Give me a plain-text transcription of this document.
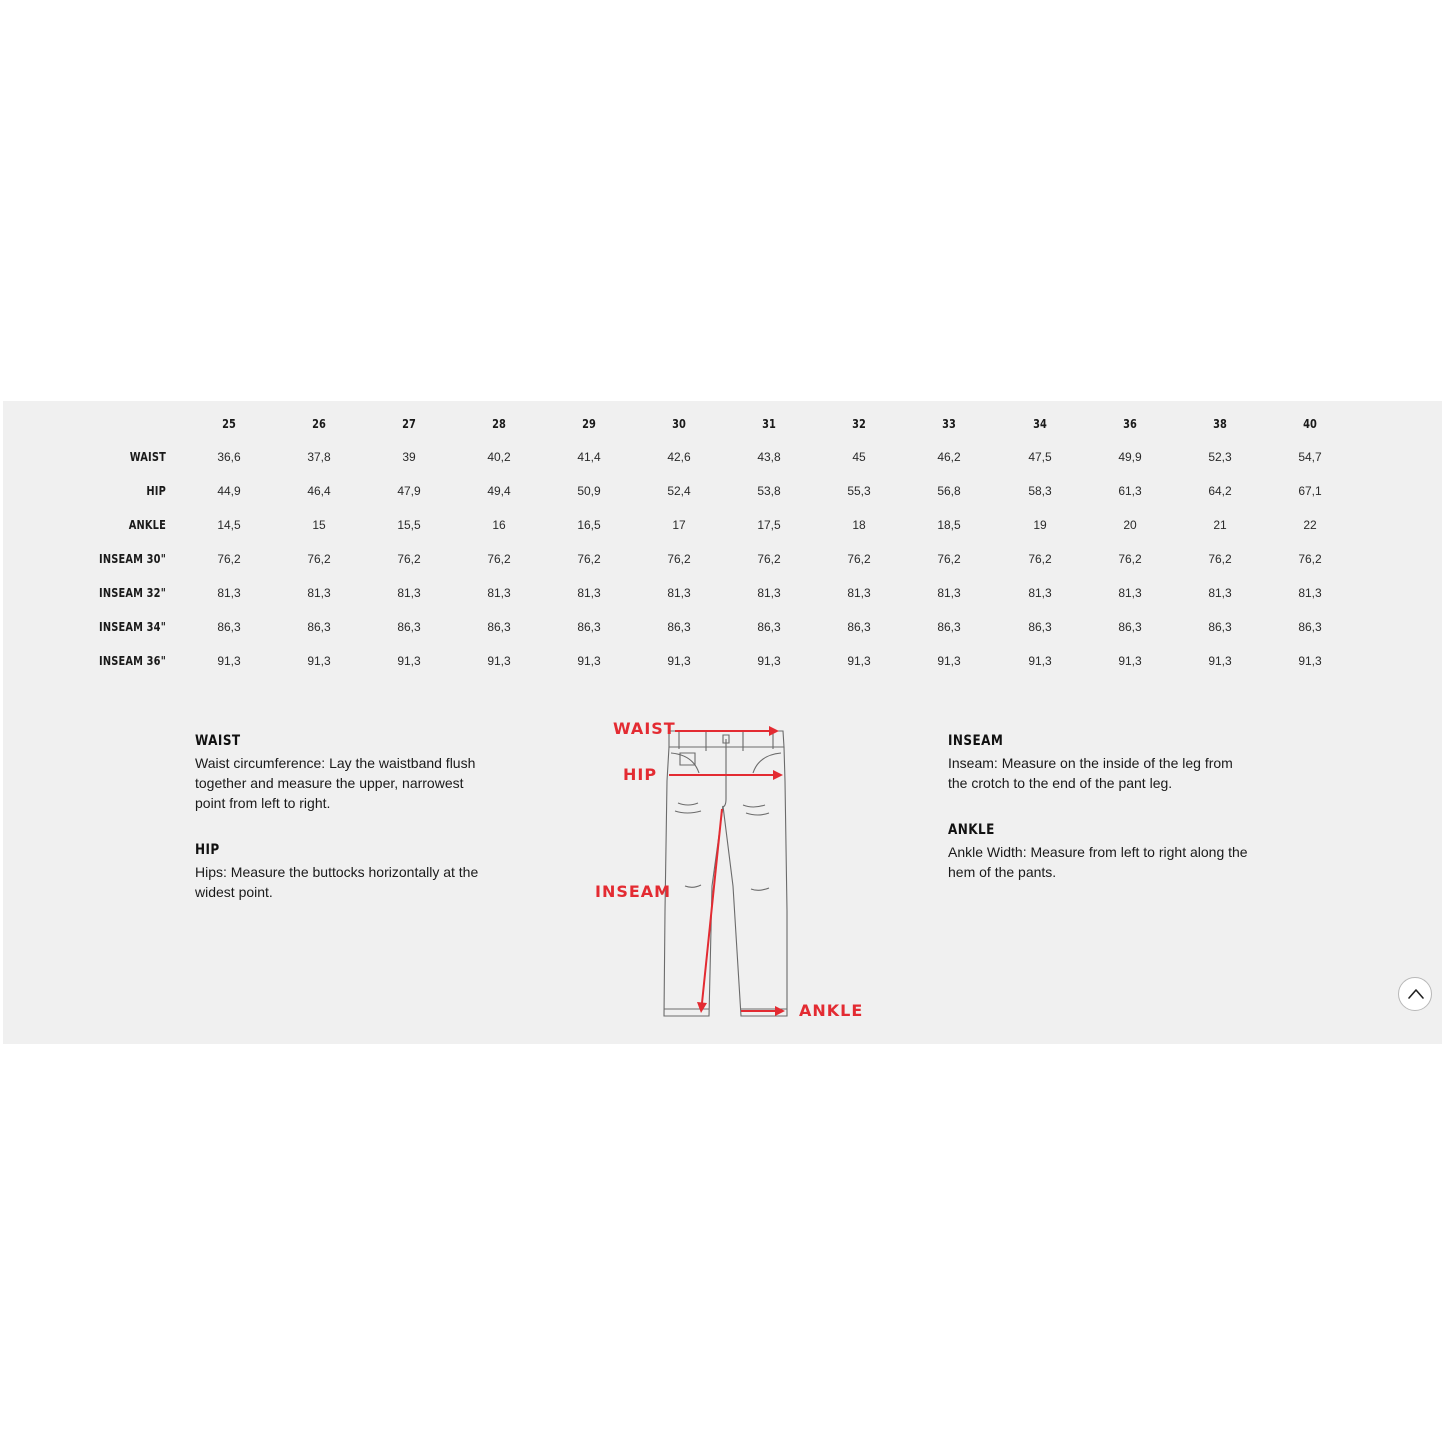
25	26	27	28	29	30	31	32	33	34	36	38	40
WAIST	36,6	37,8	39	40,2	41,4	42,6	43,8	45	46,2	47,5	49,9	52,3	54,7
HIP	44,9	46,4	47,9	49,4	50,9	52,4	53,8	55,3	56,8	58,3	61,3	64,2	67,1
ANKLE	14,5	15	15,5	16	16,5	17	17,5	18	18,5	19	20	21	22
INSEAM 30"	76,2	76,2	76,2	76,2	76,2	76,2	76,2	76,2	76,2	76,2	76,2	76,2	76,2
INSEAM 32"	81,3	81,3	81,3	81,3	81,3	81,3	81,3	81,3	81,3	81,3	81,3	81,3	81,3
INSEAM 34"	86,3	86,3	86,3	86,3	86,3	86,3	86,3	86,3	86,3	86,3	86,3	86,3	86,3
INSEAM 36"	91,3	91,3	91,3	91,3	91,3	91,3	91,3	91,3	91,3	91,3	91,3	91,3	91,3
WAIST

Waist circumference: Lay the waistband flush together and measure the upper, narrowest point from left to right.

HIP

Hips: Measure the buttocks horizontally at the widest point.

INSEAM

Inseam: Measure on the inside of the leg from the crotch to the end of the pant leg.

ANKLE

Ankle Width: Measure from left to right along the hem of the pants.

WAIST
HIP
INSEAM
ANKLE
